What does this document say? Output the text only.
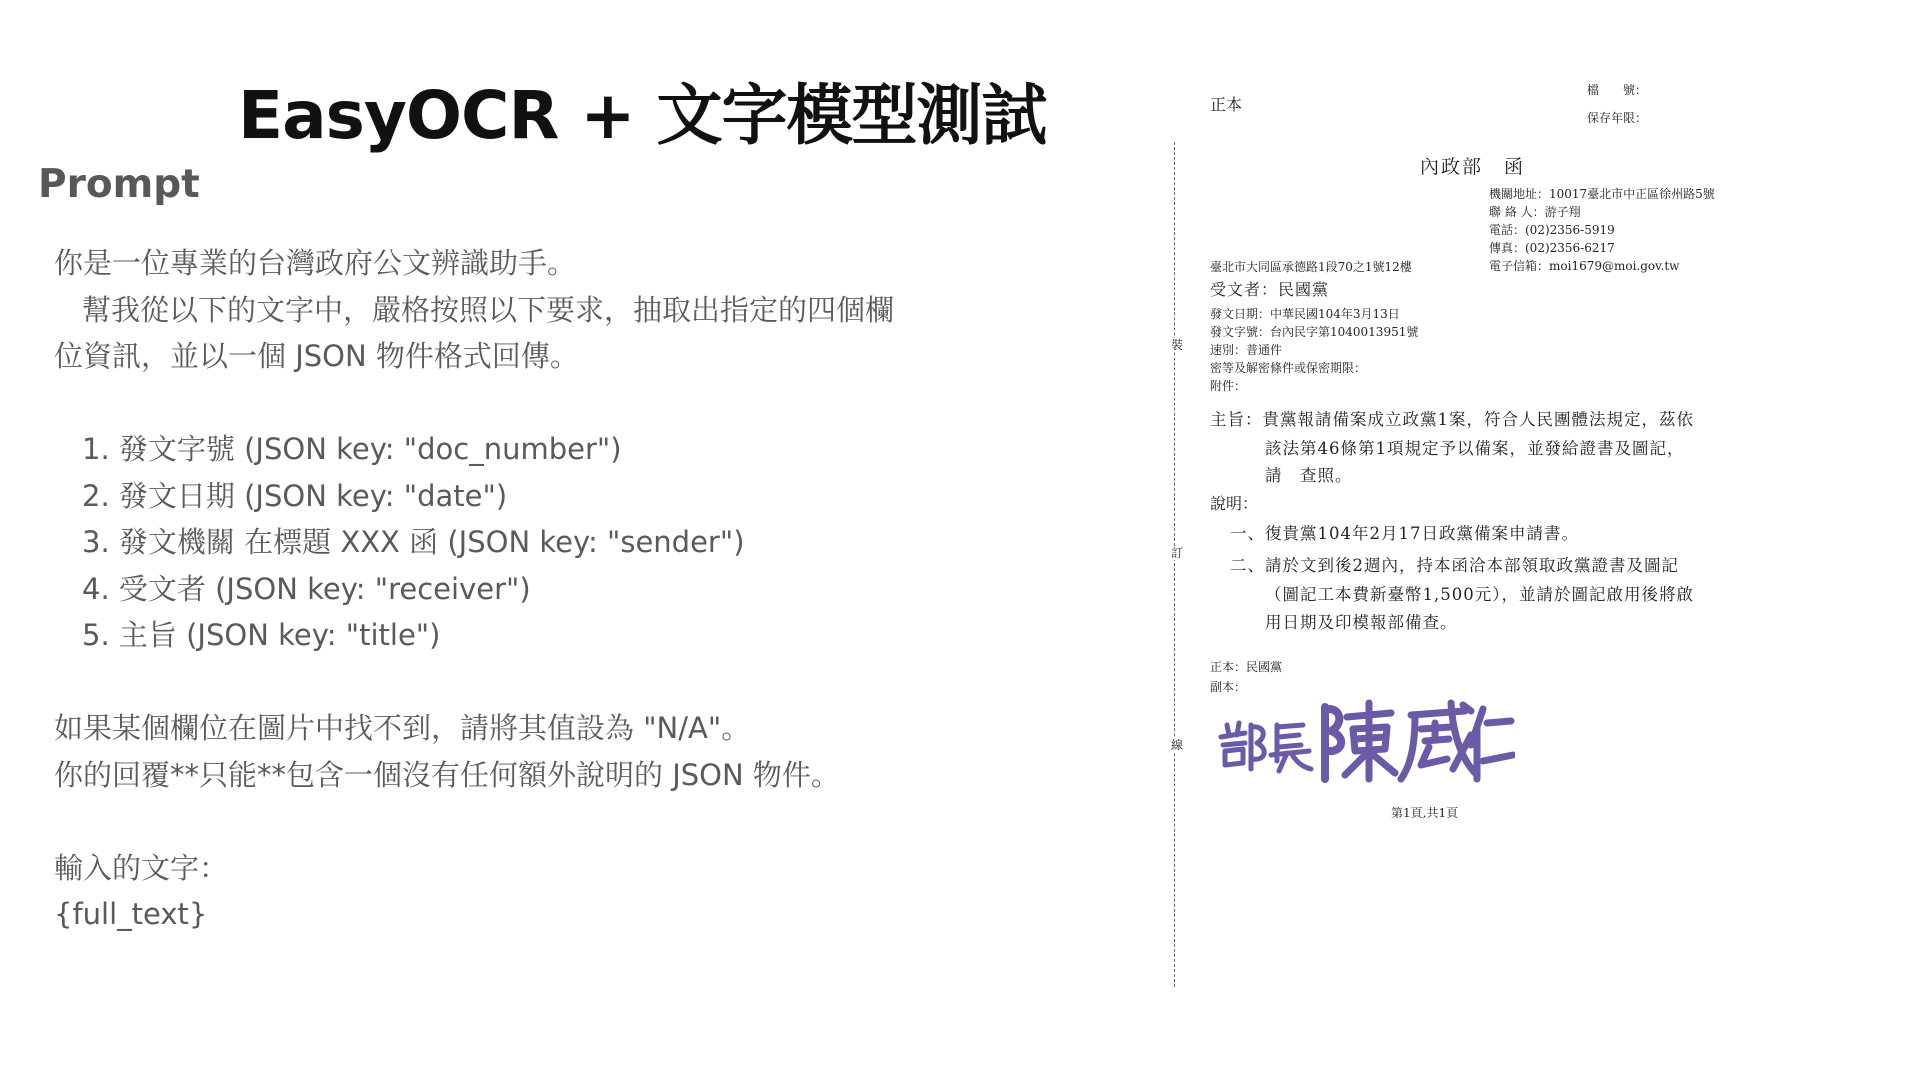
EasyOCR + 文字模型測試
Prompt
你是一位專業的台灣政府公文辨識助手。
幫我從以下的文字中，嚴格按照以下要求，抽取出指定的四個欄
位資訊，並以一個 JSON 物件格式回傳。
1. 發文字號 (JSON key: "doc_number")
2. 發文日期 (JSON key: "date")
3. 發文機關 在標題 XXX 函 (JSON key: "sender")
4. 受文者 (JSON key: "receiver")
5. 主旨 (JSON key: "title")
如果某個欄位在圖片中找不到，請將其值設為 "N/A"。
你的回覆**只能**包含一個沒有任何額外說明的 JSON 物件。
輸入的文字：
{full_text}
正本
檔　　號：
保存年限：
內政部　函
機關地址：10017臺北市中正區徐州路5號
聯 絡 人：游子翔
電話：(02)2356-5919
傳真：(02)2356-6217
電子信箱：moi1679@moi.gov.tw
臺北市大同區承德路1段70之1號12樓
受文者：民國黨
發文日期：中華民國104年3月13日
發文字號：台內民字第1040013951號
速別：普通件
密等及解密條件或保密期限：
附件：
主旨：貴黨報請備案成立政黨1案，符合人民團體法規定，茲依
該法第46條第1項規定予以備案，並發給證書及圖記，
請　查照。
說明：
一、復貴黨104年2月17日政黨備案申請書。
二、請於文到後2週內，持本函洽本部領取政黨證書及圖記
（圖記工本費新臺幣1,500元），並請於圖記啟用後將啟
用日期及印模報部備查。
正本：民國黨
副本：
第1頁,共1頁
裝
訂
線
